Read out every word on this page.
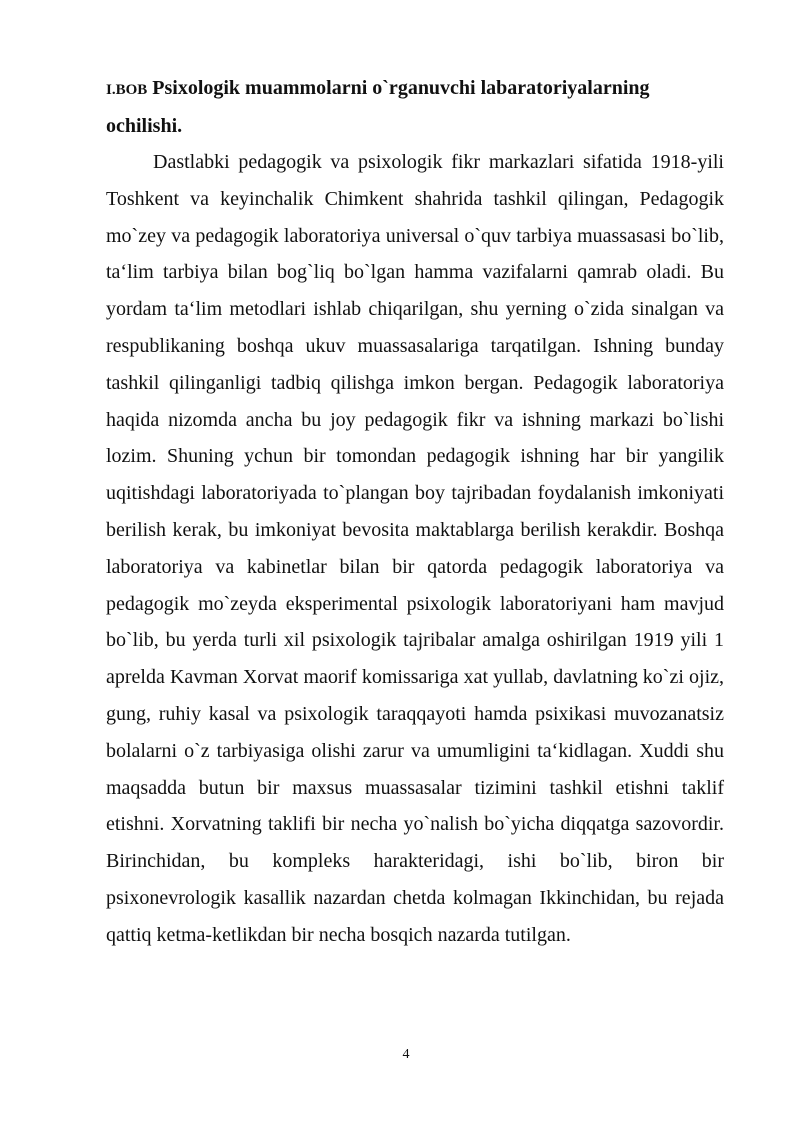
I.BOB Psixologik muammolarni o`rganuvchi labaratoriyalarning ochilishi.

Dastlabki pedagogik va psixologik fikr markazlari sifatida 1918-yili Toshkent va keyinchalik Chimkent shahrida tashkil qilingan, Pedagogik mo`zey va pedagogik laboratoriya universal o`quv tarbiya muassasasi bo`lib, ta‘lim tarbiya bilan bog`liq bo`lgan hamma vazifalarni qamrab oladi. Bu yordam ta‘lim metodlari ishlab chiqarilgan, shu yerning o`zida sinalgan va respublikaning boshqa ukuv muassasalariga tarqatilgan. Ishning bunday tashkil qilinganligi tadbiq qilishga imkon bergan. Pedagogik laboratoriya haqida nizomda ancha bu joy pedagogik fikr va ishning markazi bo`lishi lozim. Shuning ychun bir tomondan pedagogik ishning har bir yangilik uqitishdagi laboratoriyada to`plangan boy tajribadan foydalanish imkoniyati berilish kerak, bu imkoniyat bevosita maktablarga berilish kerakdir. Boshqa laboratoriya va kabinetlar bilan bir qatorda pedagogik laboratoriya va pedagogik mo`zeyda eksperimental psixologik laboratoriyani ham mavjud bo`lib, bu yerda turli xil psixologik tajribalar amalga oshirilgan 1919 yili 1 aprelda Kavman Xorvat maorif komissariga xat yullab, davlatning ko`zi ojiz, gung, ruhiy kasal va psixologik taraqqayoti hamda psixikasi muvozanatsiz bolalarni o`z tarbiyasiga olishi zarur va umumligini ta‘kidlagan. Xuddi shu maqsadda butun bir maxsus muassasalar tizimini tashkil etishni taklif etishni. Xorvatning taklifi bir necha yo`nalish bo`yicha diqqatga sazovordir. Birinchidan, bu kompleks harakteridagi, ishi bo`lib, biron bir psixonevrologik kasallik nazardan chetda kolmagan Ikkinchidan, bu rejada qattiq ketma-ketlikdan bir necha bosqich nazarda tutilgan.

4
